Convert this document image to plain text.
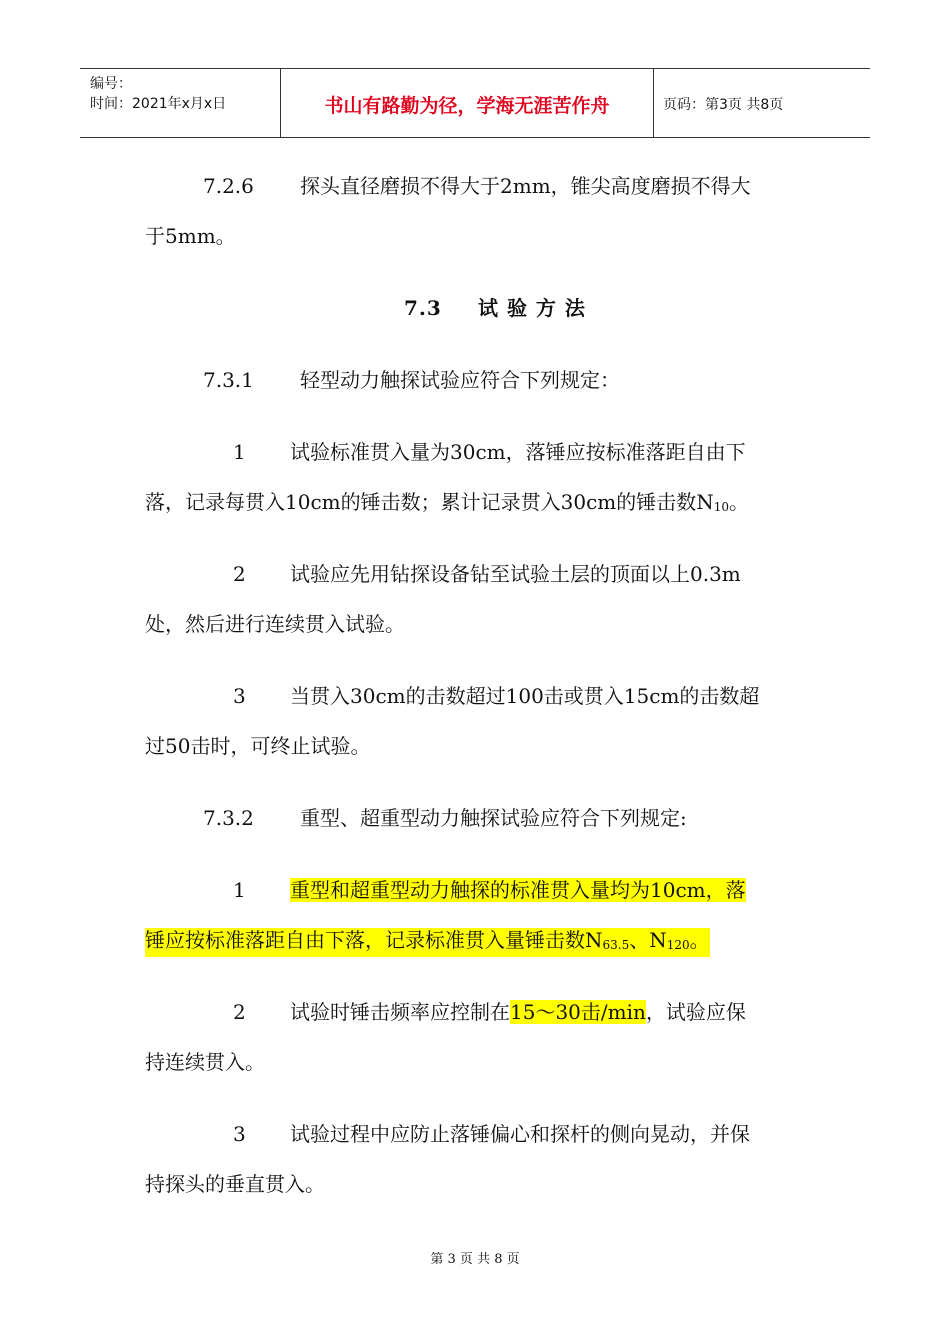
编号：
时间：2021年x月x日	书山有路勤为径，学海无涯苦作舟	页码：第3页 共8页
7.2.6 探头直径磨损不得大于2mm，锥尖高度磨损不得大
于5mm。
7.3 试 验 方 法
7.3.1 轻型动力触探试验应符合下列规定：
1 试验标准贯入量为30cm，落锤应按标准落距自由下
落，记录每贯入10cm的锤击数；累计记录贯入30cm的锤击数$N_{10}$。
2 试验应先用钻探设备钻至试验土层的顶面以上0.3m
处，然后进行连续贯入试验。
3 当贯入30cm的击数超过100击或贯入15cm的击数超
过50击时，可终止试验。
7.3.2 重型、超重型动力触探试验应符合下列规定:
1 重型和超重型动力触探的标准贯入量均为10cm，落
锤应按标准落距自由下落，记录标准贯入量锤击数$N_{63.5}$、$N_{120}$。
2 试验时锤击频率应控制在15～30击/min，试验应保
持连续贯入。
3 试验过程中应防止落锤偏心和探杆的侧向晃动，并保
持探头的垂直贯入。
第 3 页 共 8 页
